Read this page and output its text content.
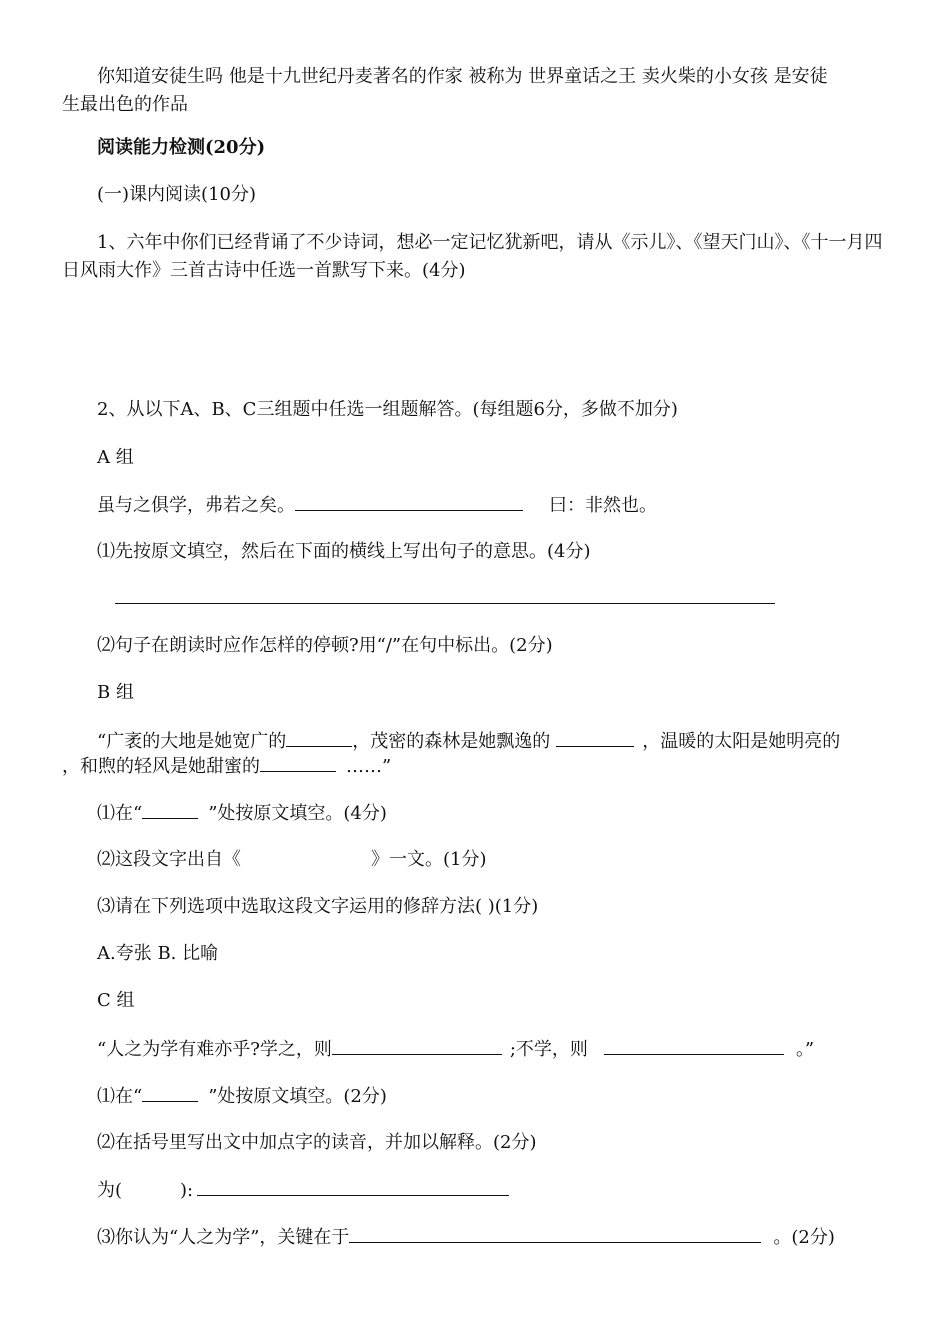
你知道安徒生吗 他是十九世纪丹麦著名的作家 被称为 世界童话之王 卖火柴的小女孩 是安徒
生最出色的作品
阅读能力检测(20分)
(一)课内阅读(10分)
1、六年中你们已经背诵了不少诗词，想必一定记忆犹新吧，请从《示儿》、《望天门山》、《十一月四
日风雨大作》三首古诗中任选一首默写下来。(4分)
2、从以下A、B、C三组题中任选一组题解答。(每组题6分，多做不加分)
A 组
虽与之俱学，弗若之矣。	曰：非然也。
⑴先按原文填空，然后在下面的横线上写出句子的意思。(4分)
⑵句子在朗读时应作怎样的停顿?用“/”在句中标出。(2分)
B 组
“广袤的大地是她宽广的	，茂密的森林是她飘逸的	，温暖的太阳是她明亮的
，和煦的轻风是她甜蜜的	……”
⑴在“	”处按原文填空。(4分)
⑵这段文字出自《	》一文。(1分)
⑶请在下列选项中选取这段文字运用的修辞方法( )(1分)
A.夸张 B. 比喻
C 组
“人之为学有难亦乎?学之，则	;不学，则	。”
⑴在“	”处按原文填空。(2分)
⑵在括号里写出文中加点字的读音，并加以解释。(2分)
为(	):
⑶你认为“人之为学”，关键在于	。(2分)
